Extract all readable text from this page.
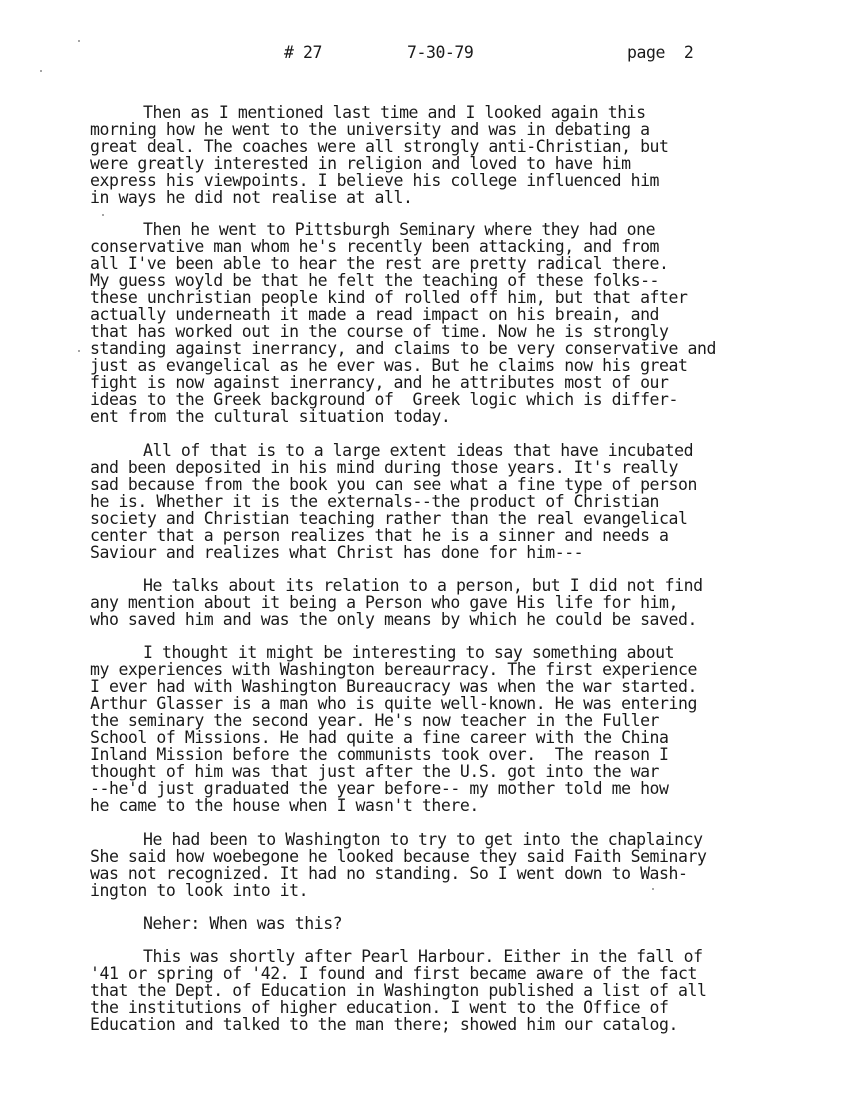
# 27	7-30-79	page  2
Then as I mentioned last time and I looked again this
morning how he went to the university and was in debating a
great deal. The coaches were all strongly anti-Christian, but
were greatly interested in religion and loved to have him
express his viewpoints. I believe his college influenced him
in ways he did not realise at all.
Then he went to Pittsburgh Seminary where they had one
conservative man whom he's recently been attacking, and from
all I've been able to hear the rest are pretty radical there.
My guess woyld be that he felt the teaching of these folks--
these unchristian people kind of rolled off him, but that after
actually underneath it made a read impact on his breain, and
that has worked out in the course of time. Now he is strongly
standing against inerrancy, and claims to be very conservative and
just as evangelical as he ever was. But he claims now his great
fight is now against inerrancy, and he attributes most of our
ideas to the Greek background of  Greek logic which is differ-
ent from the cultural situation today.
All of that is to a large extent ideas that have incubated
and been deposited in his mind during those years. It's really
sad because from the book you can see what a fine type of person
he is. Whether it is the externals--the product of Christian
society and Christian teaching rather than the real evangelical
center that a person realizes that he is a sinner and needs a
Saviour and realizes what Christ has done for him---
He talks about its relation to a person, but I did not find
any mention about it being a Person who gave His life for him,
who saved him and was the only means by which he could be saved.
I thought it might be interesting to say something about
my experiences with Washington bereaurracy. The first experience
I ever had with Washington Bureaucracy was when the war started.
Arthur Glasser is a man who is quite well-known. He was entering
the seminary the second year. He's now teacher in the Fuller
School of Missions. He had quite a fine career with the China
Inland Mission before the communists took over.  The reason I
thought of him was that just after the U.S. got into the war
--he'd just graduated the year before-- my mother told me how
he came to the house when I wasn't there.
He had been to Washington to try to get into the chaplaincy
She said how woebegone he looked because they said Faith Seminary
was not recognized. It had no standing. So I went down to Wash-
ington to look into it.
Neher: When was this?
This was shortly after Pearl Harbour. Either in the fall of
'41 or spring of '42. I found and first became aware of the fact
that the Dept. of Education in Washington published a list of all
the institutions of higher education. I went to the Office of
Education and talked to the man there; showed him our catalog.
